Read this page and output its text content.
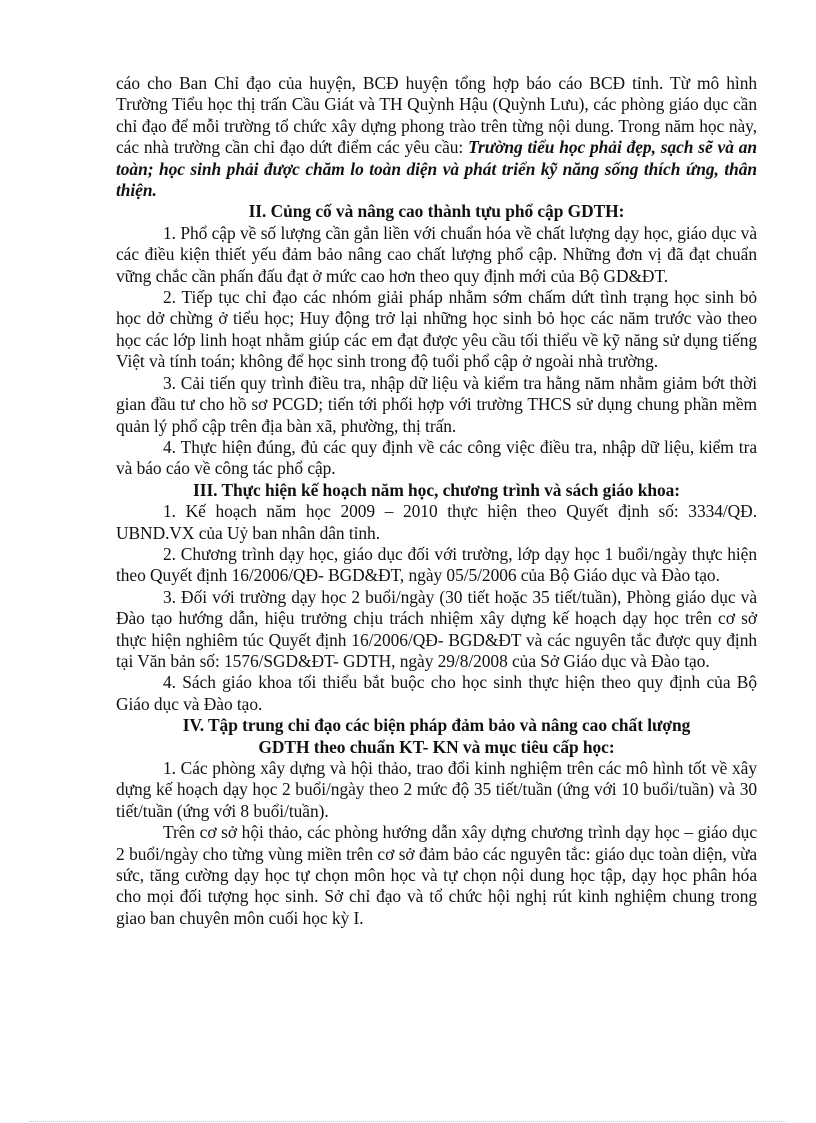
cáo cho Ban Chỉ đạo của huyện, BCĐ huyện tổng hợp báo cáo BCĐ tỉnh. Từ mô hình Trường Tiểu học thị trấn Cầu Giát và TH Quỳnh Hậu (Quỳnh Lưu), các phòng giáo dục cần chỉ đạo để mỗi trường tổ chức xây dựng phong trào trên từng nội dung. Trong năm học này, các nhà trường cần chỉ đạo dứt điểm các yêu cầu: Trường tiểu học phải đẹp, sạch sẽ và an toàn; học sinh phải được chăm lo toàn diện và phát triển kỹ năng sống thích ứng, thân thiện.

II. Củng cố và nâng cao thành tựu phổ cập GDTH:

1. Phổ cập về số lượng cần gắn liền với chuẩn hóa về chất lượng dạy học, giáo dục và các điều kiện thiết yếu đảm bảo nâng cao chất lượng phổ cập. Những đơn vị đã đạt chuẩn vững chắc cần phấn đấu đạt ở mức cao hơn theo quy định mới của Bộ GD&ĐT.

2. Tiếp tục chỉ đạo các nhóm giải pháp nhằm sớm chấm dứt tình trạng học sinh bỏ học dở chừng ở tiểu học; Huy động trở lại những học sinh bỏ học các năm trước vào theo học các lớp linh hoạt nhằm giúp các em đạt được yêu cầu tối thiểu về kỹ năng sử dụng tiếng Việt và tính toán; không để học sinh trong độ tuổi phổ cập ở ngoài nhà trường.

3. Cải tiến quy trình điều tra, nhập dữ liệu và kiểm tra hằng năm nhằm giảm bớt thời gian đầu tư cho hồ sơ PCGD; tiến tới phối hợp với trường THCS sử dụng chung phần mềm quản lý phổ cập trên địa bàn xã, phường, thị trấn.

4. Thực hiện đúng, đủ các quy định về các công việc điều tra, nhập dữ liệu, kiểm tra và báo cáo về công tác phổ cập.

III. Thực hiện kế hoạch năm học, chương trình và sách giáo khoa:

1. Kế hoạch năm học 2009 – 2010 thực hiện theo Quyết định số: 3334/QĐ. UBND.VX của Uỷ ban nhân dân tỉnh.

2. Chương trình dạy học, giáo dục đối với trường, lớp dạy học 1 buổi/ngày thực hiện theo Quyết định 16/2006/QĐ- BGD&ĐT, ngày 05/5/2006 của Bộ Giáo dục và Đào tạo.

3. Đối với trường dạy học 2 buổi/ngày (30 tiết hoặc 35 tiết/tuần), Phòng giáo dục và Đào tạo hướng dẫn, hiệu trưởng chịu trách nhiệm xây dựng kế hoạch dạy học trên cơ sở thực hiện nghiêm túc Quyết định 16/2006/QĐ- BGD&ĐT và các nguyên tắc được quy định tại Văn bản số: 1576/SGD&ĐT- GDTH, ngày 29/8/2008 của Sở Giáo dục và Đào tạo.

4. Sách giáo khoa tối thiểu bắt buộc cho học sinh thực hiện theo quy định của Bộ Giáo dục và Đào tạo.

IV. Tập trung chỉ đạo các biện pháp đảm bảo và nâng cao chất lượng

GDTH theo chuẩn KT- KN và mục tiêu cấp học:

1. Các phòng xây dựng và hội thảo, trao đổi kinh nghiệm trên các mô hình tốt về xây dựng kế hoạch dạy học 2 buổi/ngày theo 2 mức độ 35 tiết/tuần (ứng với 10 buổi/tuần) và 30 tiết/tuần (ứng với 8 buổi/tuần).

Trên cơ sở hội thảo, các phòng hướng dẫn xây dựng chương trình dạy học – giáo dục 2 buổi/ngày cho từng vùng miền trên cơ sở đảm bảo các nguyên tắc: giáo dục toàn diện, vừa sức, tăng cường dạy học tự chọn môn học và tự chọn nội dung học tập, dạy học phân hóa cho mọi đối tượng học sinh. Sở chỉ đạo và tổ chức hội nghị rút kinh nghiệm chung trong giao ban chuyên môn cuối học kỳ I.
